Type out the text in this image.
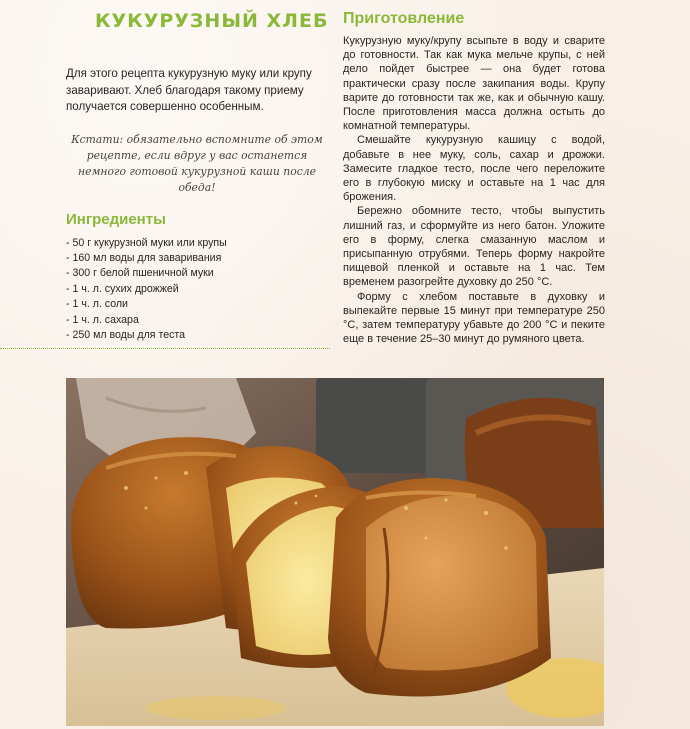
КУКУРУЗНЫЙ ХЛЕБ

Для этого рецепта кукурузную муку или крупу заваривают. Хлеб благодаря такому приему получается совершенно особенным.

Кстати: обязательно вспомните об этом рецепте, если вдруг у вас останется немного готовой кукурузной каши после обеда!
Ингредиенты
- 50 г кукурузной муки или крупы
- 160 мл воды для заваривания
- 300 г белой пшеничной муки
- 1 ч. л. сухих дрожжей
- 1 ч. л. соли
- 1 ч. л. сахара
- 250 мл воды для теста
Приготовление

Кукурузную муку/крупу всыпьте в воду и сварите до готовности. Так как мука мельче крупы, с ней дело пойдет быстрее — она будет готова практически сразу после закипания воды. Крупу варите до готовности так же, как и обычную кашу. После приготовления масса должна остыть до комнатной температуры.

Смешайте кукурузную кашицу с водой, добавьте в нее муку, соль, сахар и дрожжи. Замесите гладкое тесто, после чего переложите его в глубокую миску и оставьте на 1 час для брожения.

Бережно обомните тесто, чтобы выпустить лишний газ, и сформуйте из него батон. Уложите его в форму, слегка смазанную маслом и присыпанную отрубями. Теперь форму накройте пищевой пленкой и оставьте на 1 час. Тем временем разогрейте духовку до 250 °C.

Форму с хлебом поставьте в духовку и выпекайте первые 15 минут при температуре 250 °C, затем температуру убавьте до 200 °C и пеките еще в течение 25–30 минут до румяного цвета.
